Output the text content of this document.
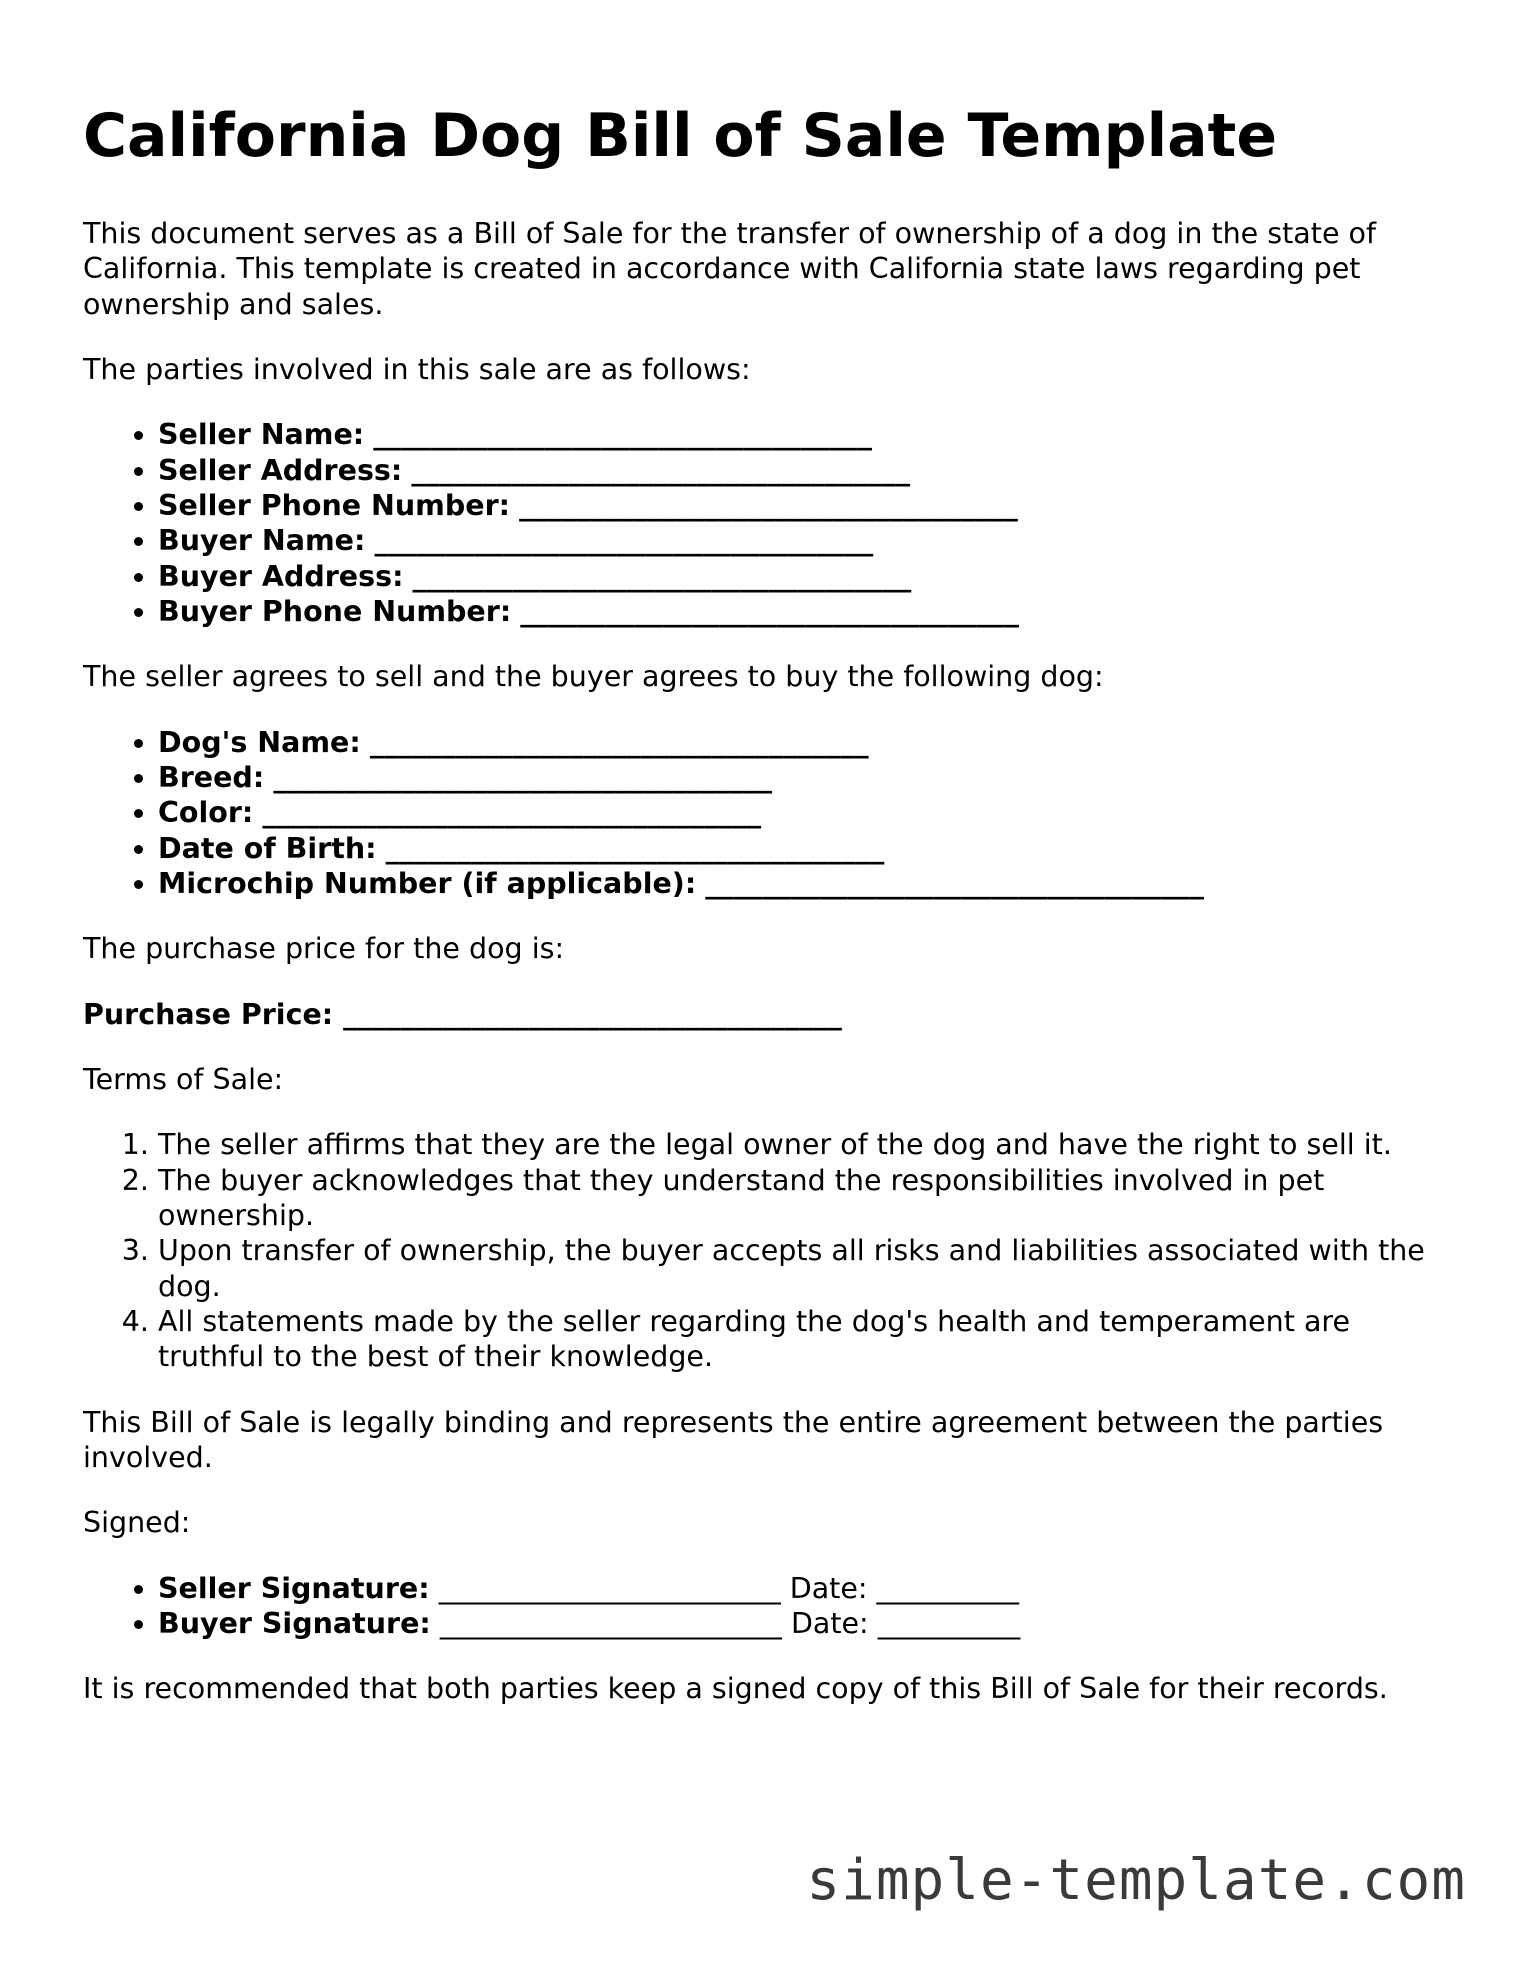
California Dog Bill of Sale Template

This document serves as a Bill of Sale for the transfer of ownership of a dog in the state of California. This template is created in accordance with California state laws regarding pet ownership and sales.

The parties involved in this sale are as follows:

• Seller Name: ___________________________________
• Seller Address: ___________________________________
• Seller Phone Number: ___________________________________
• Buyer Name: ___________________________________
• Buyer Address: ___________________________________
• Buyer Phone Number: ___________________________________

The seller agrees to sell and the buyer agrees to buy the following dog:

• Dog's Name: ___________________________________
• Breed: ___________________________________
• Color: ___________________________________
• Date of Birth: ___________________________________
• Microchip Number (if applicable): ___________________________________

The purchase price for the dog is:

Purchase Price: ___________________________________

Terms of Sale:

1. The seller affirms that they are the legal owner of the dog and have the right to sell it.
2. The buyer acknowledges that they understand the responsibilities involved in pet ownership.
3. Upon transfer of ownership, the buyer accepts all risks and liabilities associated with the dog.
4. All statements made by the seller regarding the dog's health and temperament are truthful to the best of their knowledge.

This Bill of Sale is legally binding and represents the entire agreement between the parties involved.

Signed:

• Seller Signature: ________________________ Date: __________
• Buyer Signature: ________________________ Date: __________

It is recommended that both parties keep a signed copy of this Bill of Sale for their records.

simple-template.com
